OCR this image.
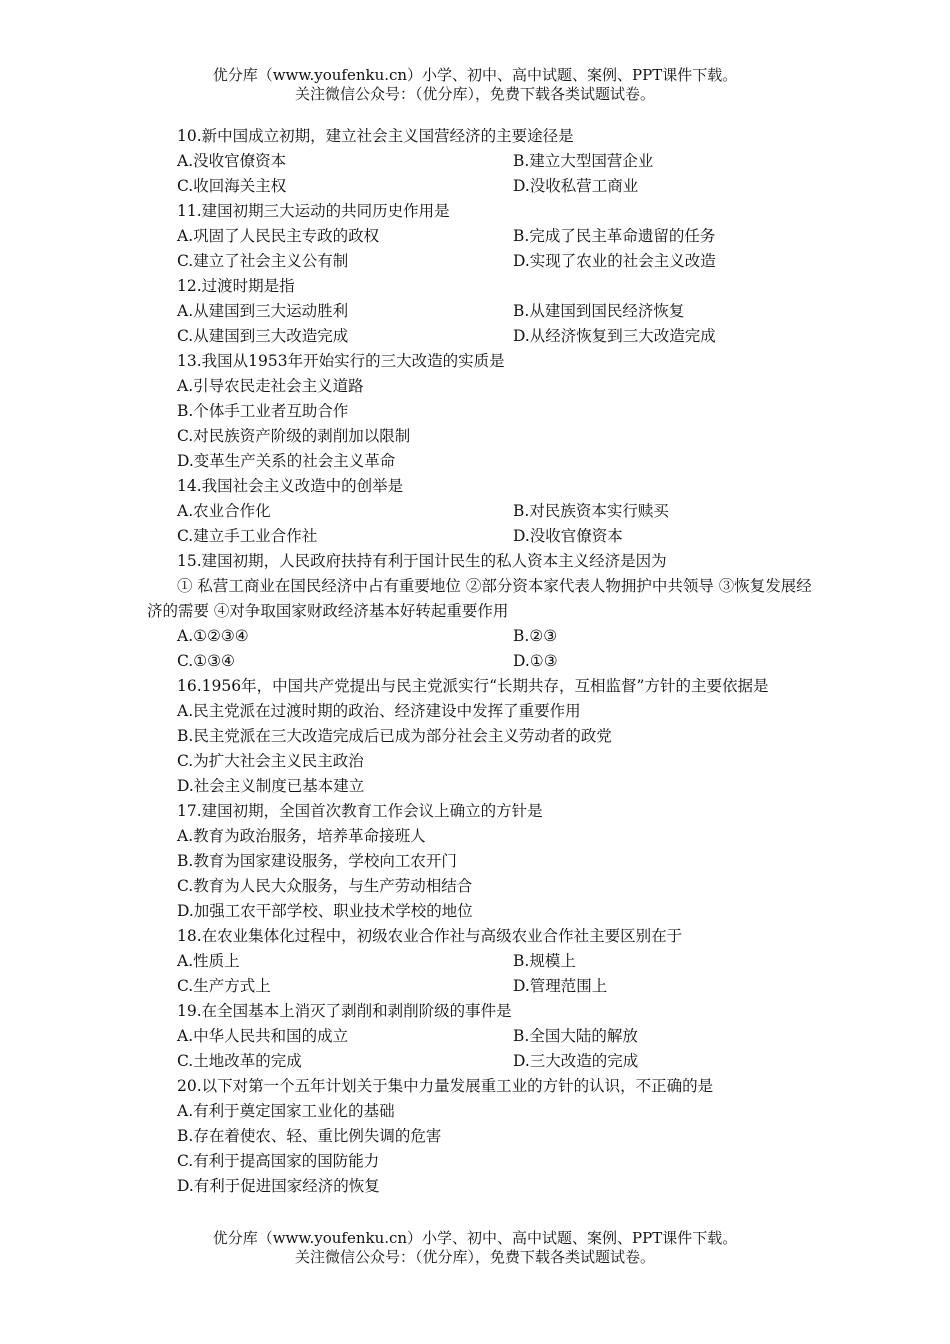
优分库（www.youfenku.cn）小学、初中、高中试题、案例、PPT课件下载。
关注微信公众号：（优分库），免费下载各类试题试卷。
10.新中国成立初期，建立社会主义国营经济的主要途径是
A.没收官僚资本	B.建立大型国营企业
C.收回海关主权	D.没收私营工商业
11.建国初期三大运动的共同历史作用是
A.巩固了人民民主专政的政权	B.完成了民主革命遗留的任务
C.建立了社会主义公有制	D.实现了农业的社会主义改造
12.过渡时期是指
A.从建国到三大运动胜利	B.从建国到国民经济恢复
C.从建国到三大改造完成	D.从经济恢复到三大改造完成
13.我国从1953年开始实行的三大改造的实质是
A.引导农民走社会主义道路
B.个体手工业者互助合作
C.对民族资产阶级的剥削加以限制
D.变革生产关系的社会主义革命
14.我国社会主义改造中的创举是
A.农业合作化	B.对民族资本实行赎买
C.建立手工业合作社	D.没收官僚资本
15.建国初期，人民政府扶持有利于国计民生的私人资本主义经济是因为
① 私营工商业在国民经济中占有重要地位 ②部分资本家代表人物拥护中共领导 ③恢复发展经济的需要 ④对争取国家财政经济基本好转起重要作用
A.①②③④	B.②③
C.①③④	D.①③
16.1956年，中国共产党提出与民主党派实行“长期共存，互相监督”方针的主要依据是
A.民主党派在过渡时期的政治、经济建设中发挥了重要作用
B.民主党派在三大改造完成后已成为部分社会主义劳动者的政党
C.为扩大社会主义民主政治
D.社会主义制度已基本建立
17.建国初期，全国首次教育工作会议上确立的方针是
A.教育为政治服务，培养革命接班人
B.教育为国家建设服务，学校向工农开门
C.教育为人民大众服务，与生产劳动相结合
D.加强工农干部学校、职业技术学校的地位
18.在农业集体化过程中，初级农业合作社与高级农业合作社主要区别在于
A.性质上	B.规模上
C.生产方式上	D.管理范围上
19.在全国基本上消灭了剥削和剥削阶级的事件是
A.中华人民共和国的成立	B.全国大陆的解放
C.土地改革的完成	D.三大改造的完成
20.以下对第一个五年计划关于集中力量发展重工业的方针的认识，不正确的是
A.有利于奠定国家工业化的基础
B.存在着使农、轻、重比例失调的危害
C.有利于提高国家的国防能力
D.有利于促进国家经济的恢复
优分库（www.youfenku.cn）小学、初中、高中试题、案例、PPT课件下载。
关注微信公众号：（优分库），免费下载各类试题试卷。
